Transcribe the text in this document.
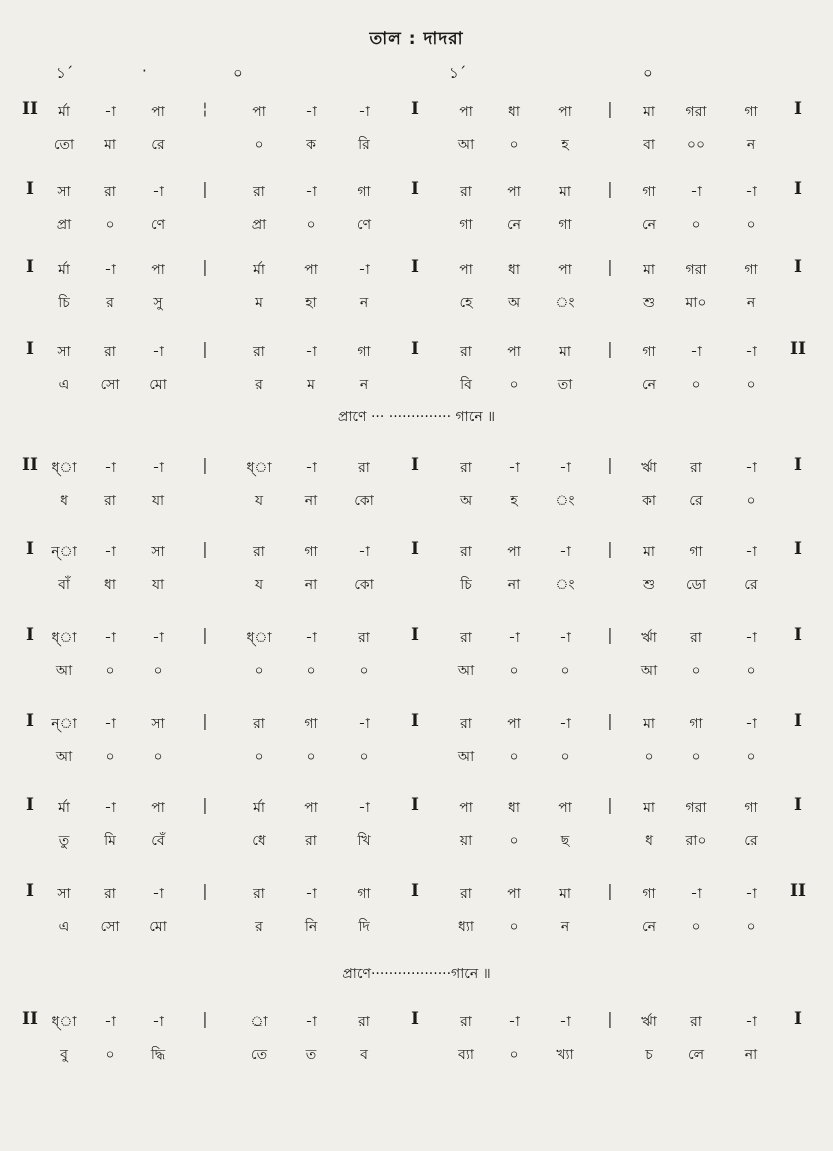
তাল : দাদরা
১´	·	০	১´	০
II	¦	I	|	I
র্মা	-া	পা	পা	-া	-া	পা	ধা	পা	মা	গরা	গা
তো	মা	রে	০	ক	রি	আ	০	হ	বা	০০	ন
I	|	I	|	I
সা	রা	-া	রা	-া	গা	রা	পা	মা	গা	-া	-া
প্রা	০	ণে	প্রা	০	ণে	গা	নে	গা	নে	০	০
I	|	I	|	I
র্মা	-া	পা	র্মা	পা	-া	পা	ধা	পা	মা	গরা	গা
চি	র	সু	ম	হা	ন	হে	অ	ং	শু	মা০	ন
I	|	I	|	II
সা	রা	-া	রা	-া	গা	রা	পা	মা	গা	-া	-া
এ	সো	মো	র	ম	ন	বি	০	তা	নে	০	০
II	|	I	|	I
ধ্া	-া	-া	ধ্া	-া	রা	রা	-া	-া	র্ঋা	রা	-া
ধ	রা	যা	য	না	কো	অ	হ	ং	কা	রে	০
I	|	I	|	I
ন্া	-া	সা	রা	গা	-া	রা	পা	-া	মা	গা	-া
বাঁ	ধা	যা	য	না	কো	চি	না	ং	শু	ডো	রে
I	|	I	|	I
ধ্া	-া	-া	ধ্া	-া	রা	রা	-া	-া	র্ঋা	রা	-া
আ	০	০	০	০	০	আ	০	০	আ	০	০
I	|	I	|	I
ন্া	-া	সা	রা	গা	-া	রা	পা	-া	মা	গা	-া
আ	০	০	০	০	০	আ	০	০	০	০	০
I	|	I	|	I
র্মা	-া	পা	র্মা	পা	-া	পা	ধা	পা	মা	গরা	গা
তু	মি	বেঁ	ধে	রা	খি	য়া	০	ছ	ধ	রা০	রে
I	|	I	|	II
সা	রা	-া	রা	-া	গা	রা	পা	মা	গা	-া	-া
এ	সো	মো	র	নি	দি	ধ্যা	০	ন	নে	০	০
II	|	I	|	I
ধ্া	-া	-া	র্া	-া	রা	রা	-া	-া	র্ঋা	রা	-া
বু	০	দ্ধি	তে	ত	ব	ব্যা	০	খ্যা	চ	লে	না
প্রাণে ··· ·············· গানে ॥
প্রাণে··················গানে ॥
